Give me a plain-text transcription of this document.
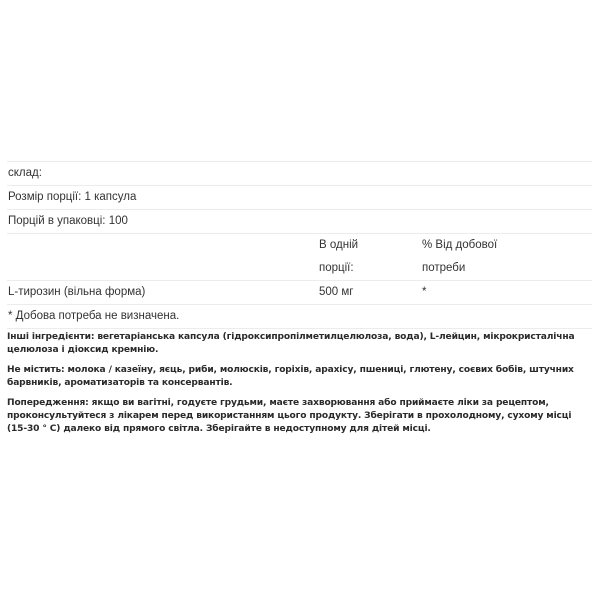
склад:
Розмір порції: 1 капсула
Порцій в упаковці: 100
В одній
порції:
% Від добової
потреби
L-тирозин (вільна форма)	500 мг	*
* Добова потреба не визначена.

Інші інгредієнти: вегетаріанська капсула (гідроксипропілметилцелюлоза, вода), L-лейцин, мікрокристалічна целюлоза і діоксид кремнію.

Не містить: молока / казеїну, яєць, риби, молюсків, горіхів, арахісу, пшениці, глютену, соєвих бобів, штучних барвників, ароматизаторів та консервантів.

Попередження: якщо ви вагітні, годуєте грудьми, маєте захворювання або приймаєте ліки за рецептом, проконсультуйтеся з лікарем перед використанням цього продукту. Зберігати в прохолодному, сухому місці (15-30 ° C) далеко від прямого світла. Зберігайте в недоступному для дітей місці.
